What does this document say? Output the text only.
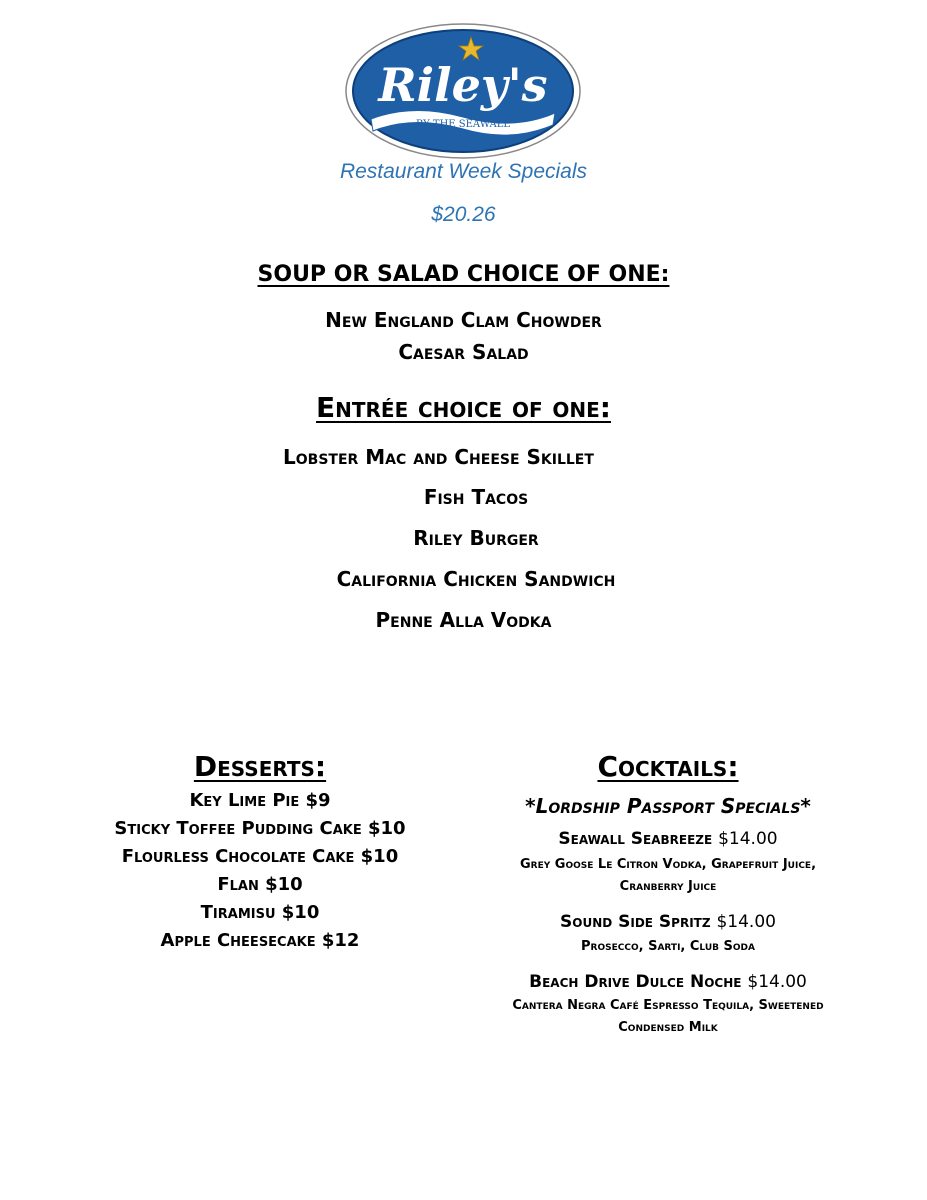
BY THE SEAWALL
Riley's
Restaurant Week Specials
$20.26
SOUP OR SALAD CHOICE OF ONE:
New England Clam Chowder
Caesar Salad
Entrée choice of one:
Lobster Mac and Cheese Skillet
Fish Tacos
Riley Burger
California Chicken Sandwich
Penne Alla Vodka
Desserts:
Key Lime Pie $9
Sticky Toffee Pudding Cake $10
Flourless Chocolate Cake $10
Flan $10
Tiramisu $10
Apple Cheesecake $12
Cocktails:
*Lordship Passport Specials*
Seawall Seabreeze $14.00
Grey Goose Le Citron Vodka, Grapefruit Juice,
Cranberry Juice
Sound Side Spritz $14.00
Prosecco, Sarti, Club Soda
Beach Drive Dulce Noche $14.00
Cantera Negra Café Espresso Tequila, Sweetened
Condensed Milk
